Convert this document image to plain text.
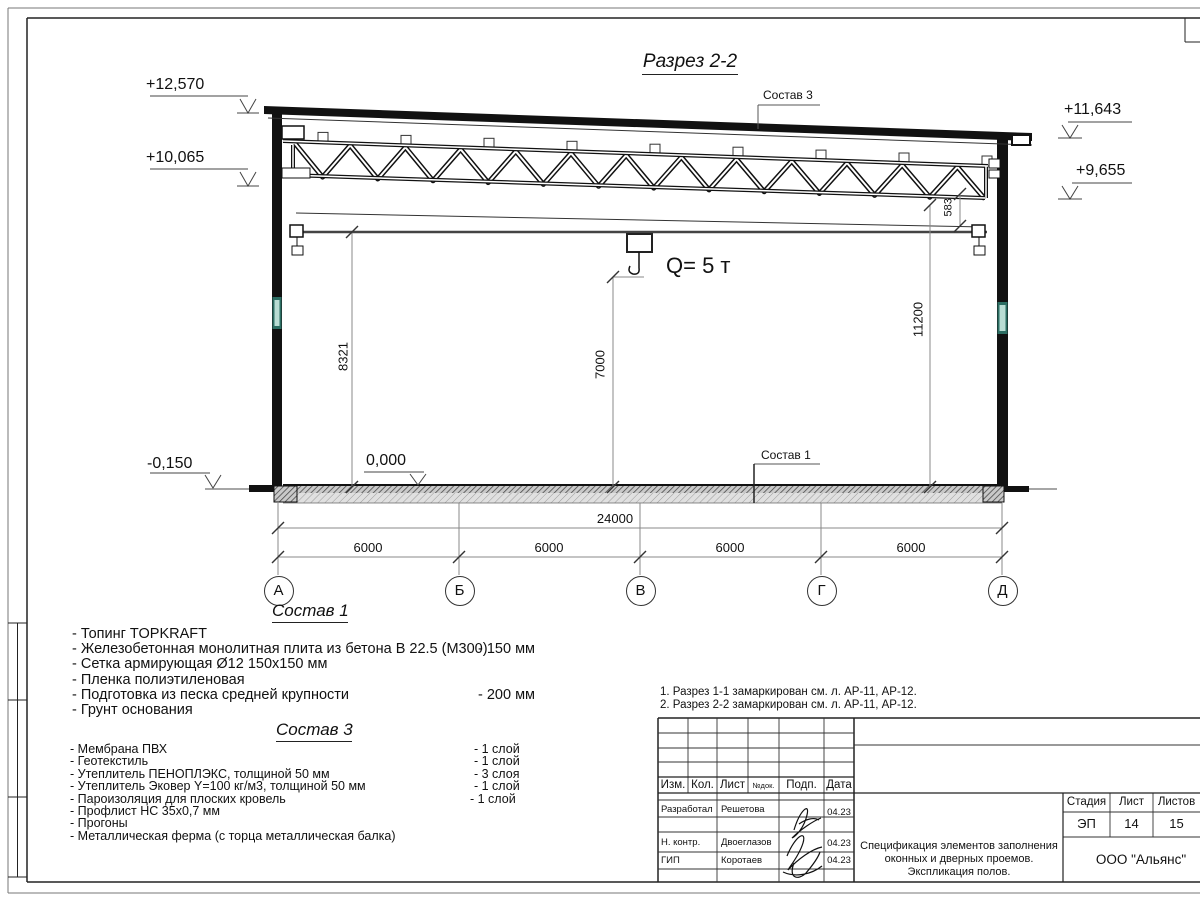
Разрез 2-2
+12,570
+10,065
+11,643
+9,655
-0,150	0,000
Состав 3
Состав 1
Q= 5 т
8321	7000
11200
583
24000
6000	6000	6000	6000
А	Б	В	Г	Д
Состав 1
- Топинг TOPKRAFT
- Железобетонная монолитная плита из бетона В 22.5 (М300)
- 150 мм
- Сетка армирующая Ø12 150х150 мм
- Пленка полиэтиленовая
- Подготовка из песка средней крупности	- 200 мм
- Грунт основания
Состав 3
- Мембрана ПВХ	- 1 слой
- Геотекстиль	- 1 слой
- Утеплитель ПЕНОПЛЭКС, толщиной 50 мм	- 3 слоя
- Утеплитель Эковер Y=100 кг/м3, толщиной 50 мм	- 1 слой
- Пароизоляция для плоских кровель	- 1 слой
- Профлист НС 35х0,7 мм
- Прогоны
- Металлическая ферма (с торца металлическая балка)
1. Разрез 1-1 замаркирован см. л. АР-11, АР-12.
2. Разрез 2-2 замаркирован см. л. АР-11, АР-12.
Изм. Кол. Лист	№док.	Подп. Дата
Разработал Решетова	04.23
Н. контр. Двоеглазов	04.23
ГИП	Коротаев	04.23
Спецификация элементов заполнения
оконных и дверных проемов.
Экспликация полов.
Стадия	Лист	Листов
ЭП	14	15
ООО "Альянс"
